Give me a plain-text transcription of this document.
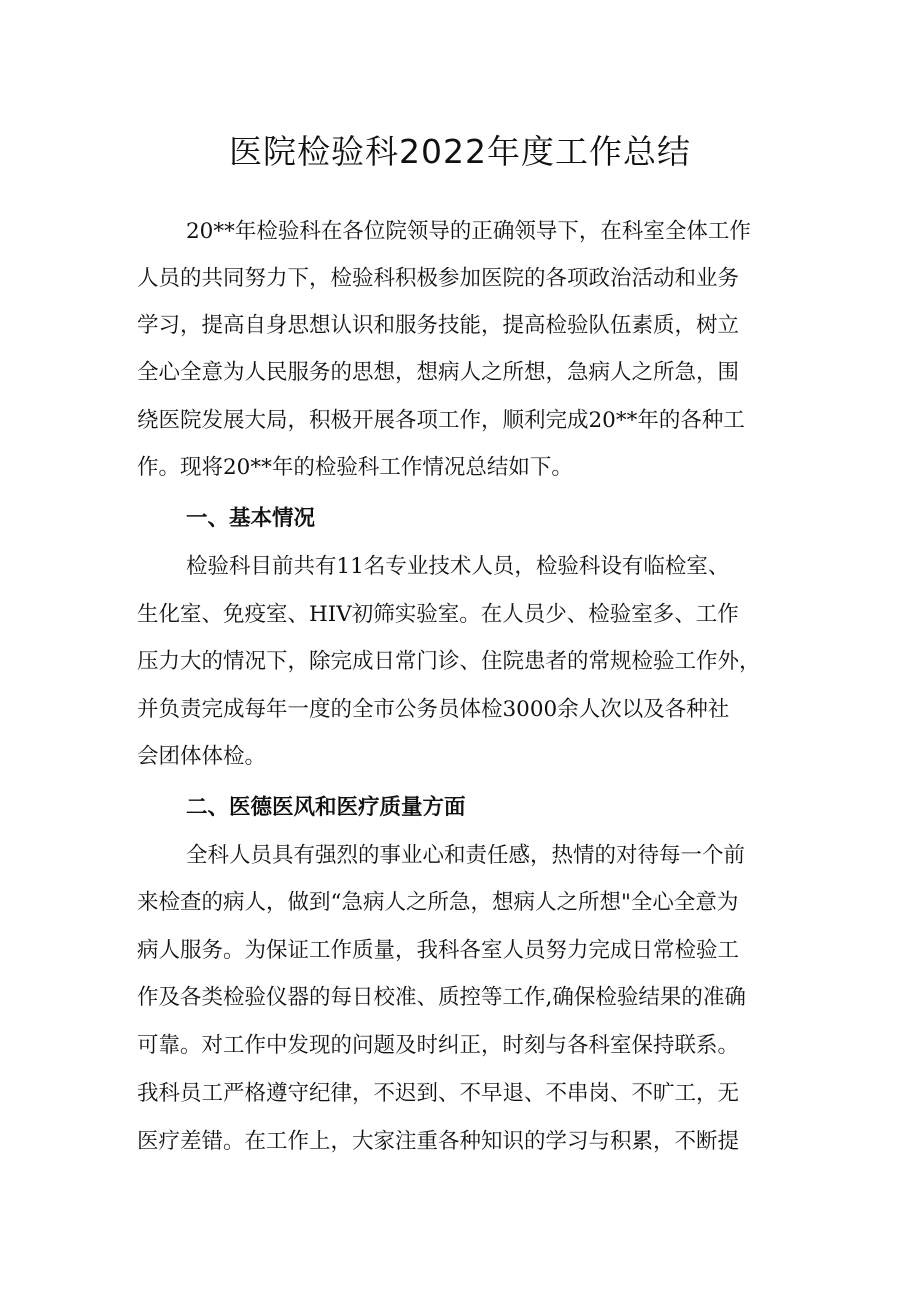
医院检验科2022年度工作总结
20**年检验科在各位院领导的正确领导下，在科室全体工作
人员的共同努力下，检验科积极参加医院的各项政治活动和业务
学习，提高自身思想认识和服务技能，提高检验队伍素质，树立
全心全意为人民服务的思想，想病人之所想，急病人之所急，围
绕医院发展大局，积极开展各项工作，顺利完成20**年的各种工
作。现将20**年的检验科工作情况总结如下。
一、基本情况
检验科目前共有11名专业技术人员，检验科设有临检室、
生化室、免疫室、HIV初筛实验室。在人员少、检验室多、工作
压力大的情况下，除完成日常门诊、住院患者的常规检验工作外，
并负责完成每年一度的全市公务员体检3000余人次以及各种社
会团体体检。
二、医德医风和医疗质量方面
全科人员具有强烈的事业心和责任感，热情的对待每一个前
来检查的病人，做到“急病人之所急，想病人之所想"全心全意为
病人服务。为保证工作质量，我科各室人员努力完成日常检验工
作及各类检验仪器的每日校准、质控等工作,确保检验结果的准确
可靠。对工作中发现的问题及时纠正，时刻与各科室保持联系。
我科员工严格遵守纪律，不迟到、不早退、不串岗、不旷工，无
医疗差错。在工作上，大家注重各种知识的学习与积累，不断提
